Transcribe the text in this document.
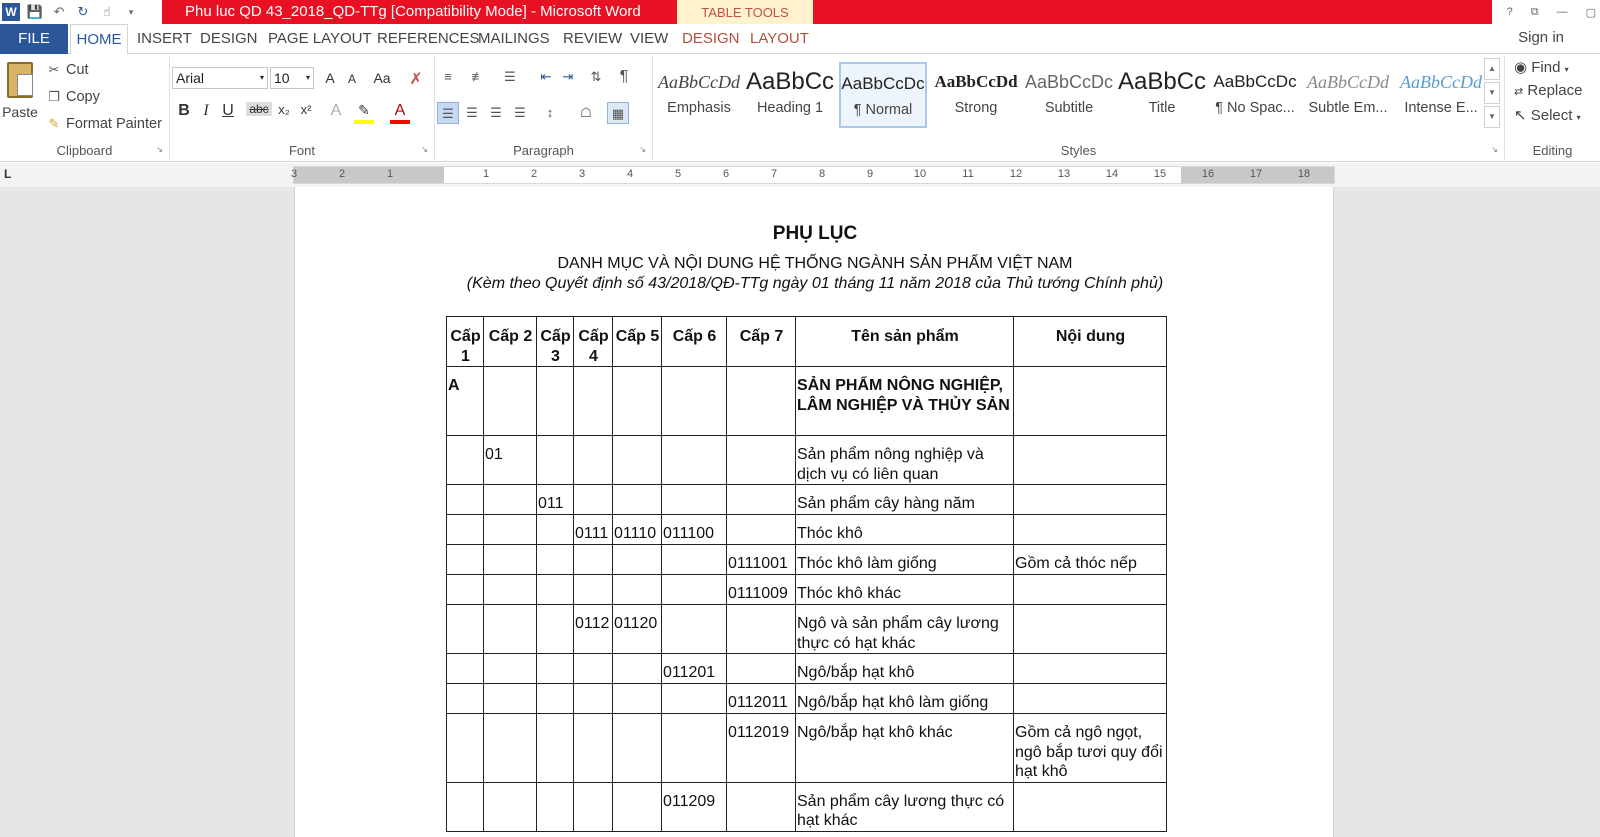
W 💾 ↶ ↻	☝	▾	Phu luc QD 43_2018_QD-TTg [Compatibility Mode] - Microsoft Word	TABLE TOOLS	? ⧉ — ▢
FILE	HOME	INSERT DESIGN PAGE LAYOUT REFERENCES
MAILINGS REVIEW VIEW DESIGN LAYOUT	Sign in
Paste
✂ Cut
❐ Copy
✎ Format Painter
Clipboard	↘
Arial	▾ 10 ▾	A	A	Aa	✗
B I U	abc x₂ x² A	✎ A
Font	↘
≡	≢	☰	⇤ ⇥	⇅	¶
☰ ☰ ☰ ☰	↕	☖	▦
Paragraph	↘
AaBbCcDd
Emphasis
AaBbCc
Heading 1
AaBbCcDc
¶ Normal
AaBbCcDd
Strong
AaBbCcDc
Subtitle
AaBbCc
Title
AaBbCcDc
¶ No Spac...
AaBbCcDd
Subtle Em...
AaBbCcDd
Intense E...
Styles	↘
▲
▼
▼
Editing
◉ Find ▾
⇄ Replace
↖ Select ▾
L	3	2	1	1	2	3	4	5	6	7	8	9	10	11	12	13	14	15	16	17	18
PHỤ LỤC
DANH MỤC VÀ NỘI DUNG HỆ THỐNG NGÀNH SẢN PHẨM VIỆT NAM
(Kèm theo Quyết định số 43/2018/QĐ-TTg ngày 01 tháng 11 năm 2018 của Thủ tướng Chính phủ)
Cấp 1	Cấp 2	Cấp 3	Cấp 4	Cấp 5	Cấp 6	Cấp 7	Tên sản phẩm	Nội dung
A							SẢN PHẨM NÔNG NGHIỆP, LÂM NGHIỆP VÀ THỦY SẢN	
	01						Sản phẩm nông nghiệp và dịch vụ có liên quan	
		011					Sản phẩm cây hàng năm	
			0111	01110	011100		Thóc khô	
						0111001	Thóc khô làm giống	Gồm cả thóc nếp
						0111009	Thóc khô khác	
			0112	01120			Ngô và sản phẩm cây lương thực có hạt khác	
					011201		Ngô/bắp hạt khô	
						0112011	Ngô/bắp hạt khô làm giống	
						0112019	Ngô/bắp hạt khô khác	Gồm cả ngô ngọt, ngô bắp tươi quy đổi hạt khô
					011209		Sản phẩm cây lương thực có hạt khác	
